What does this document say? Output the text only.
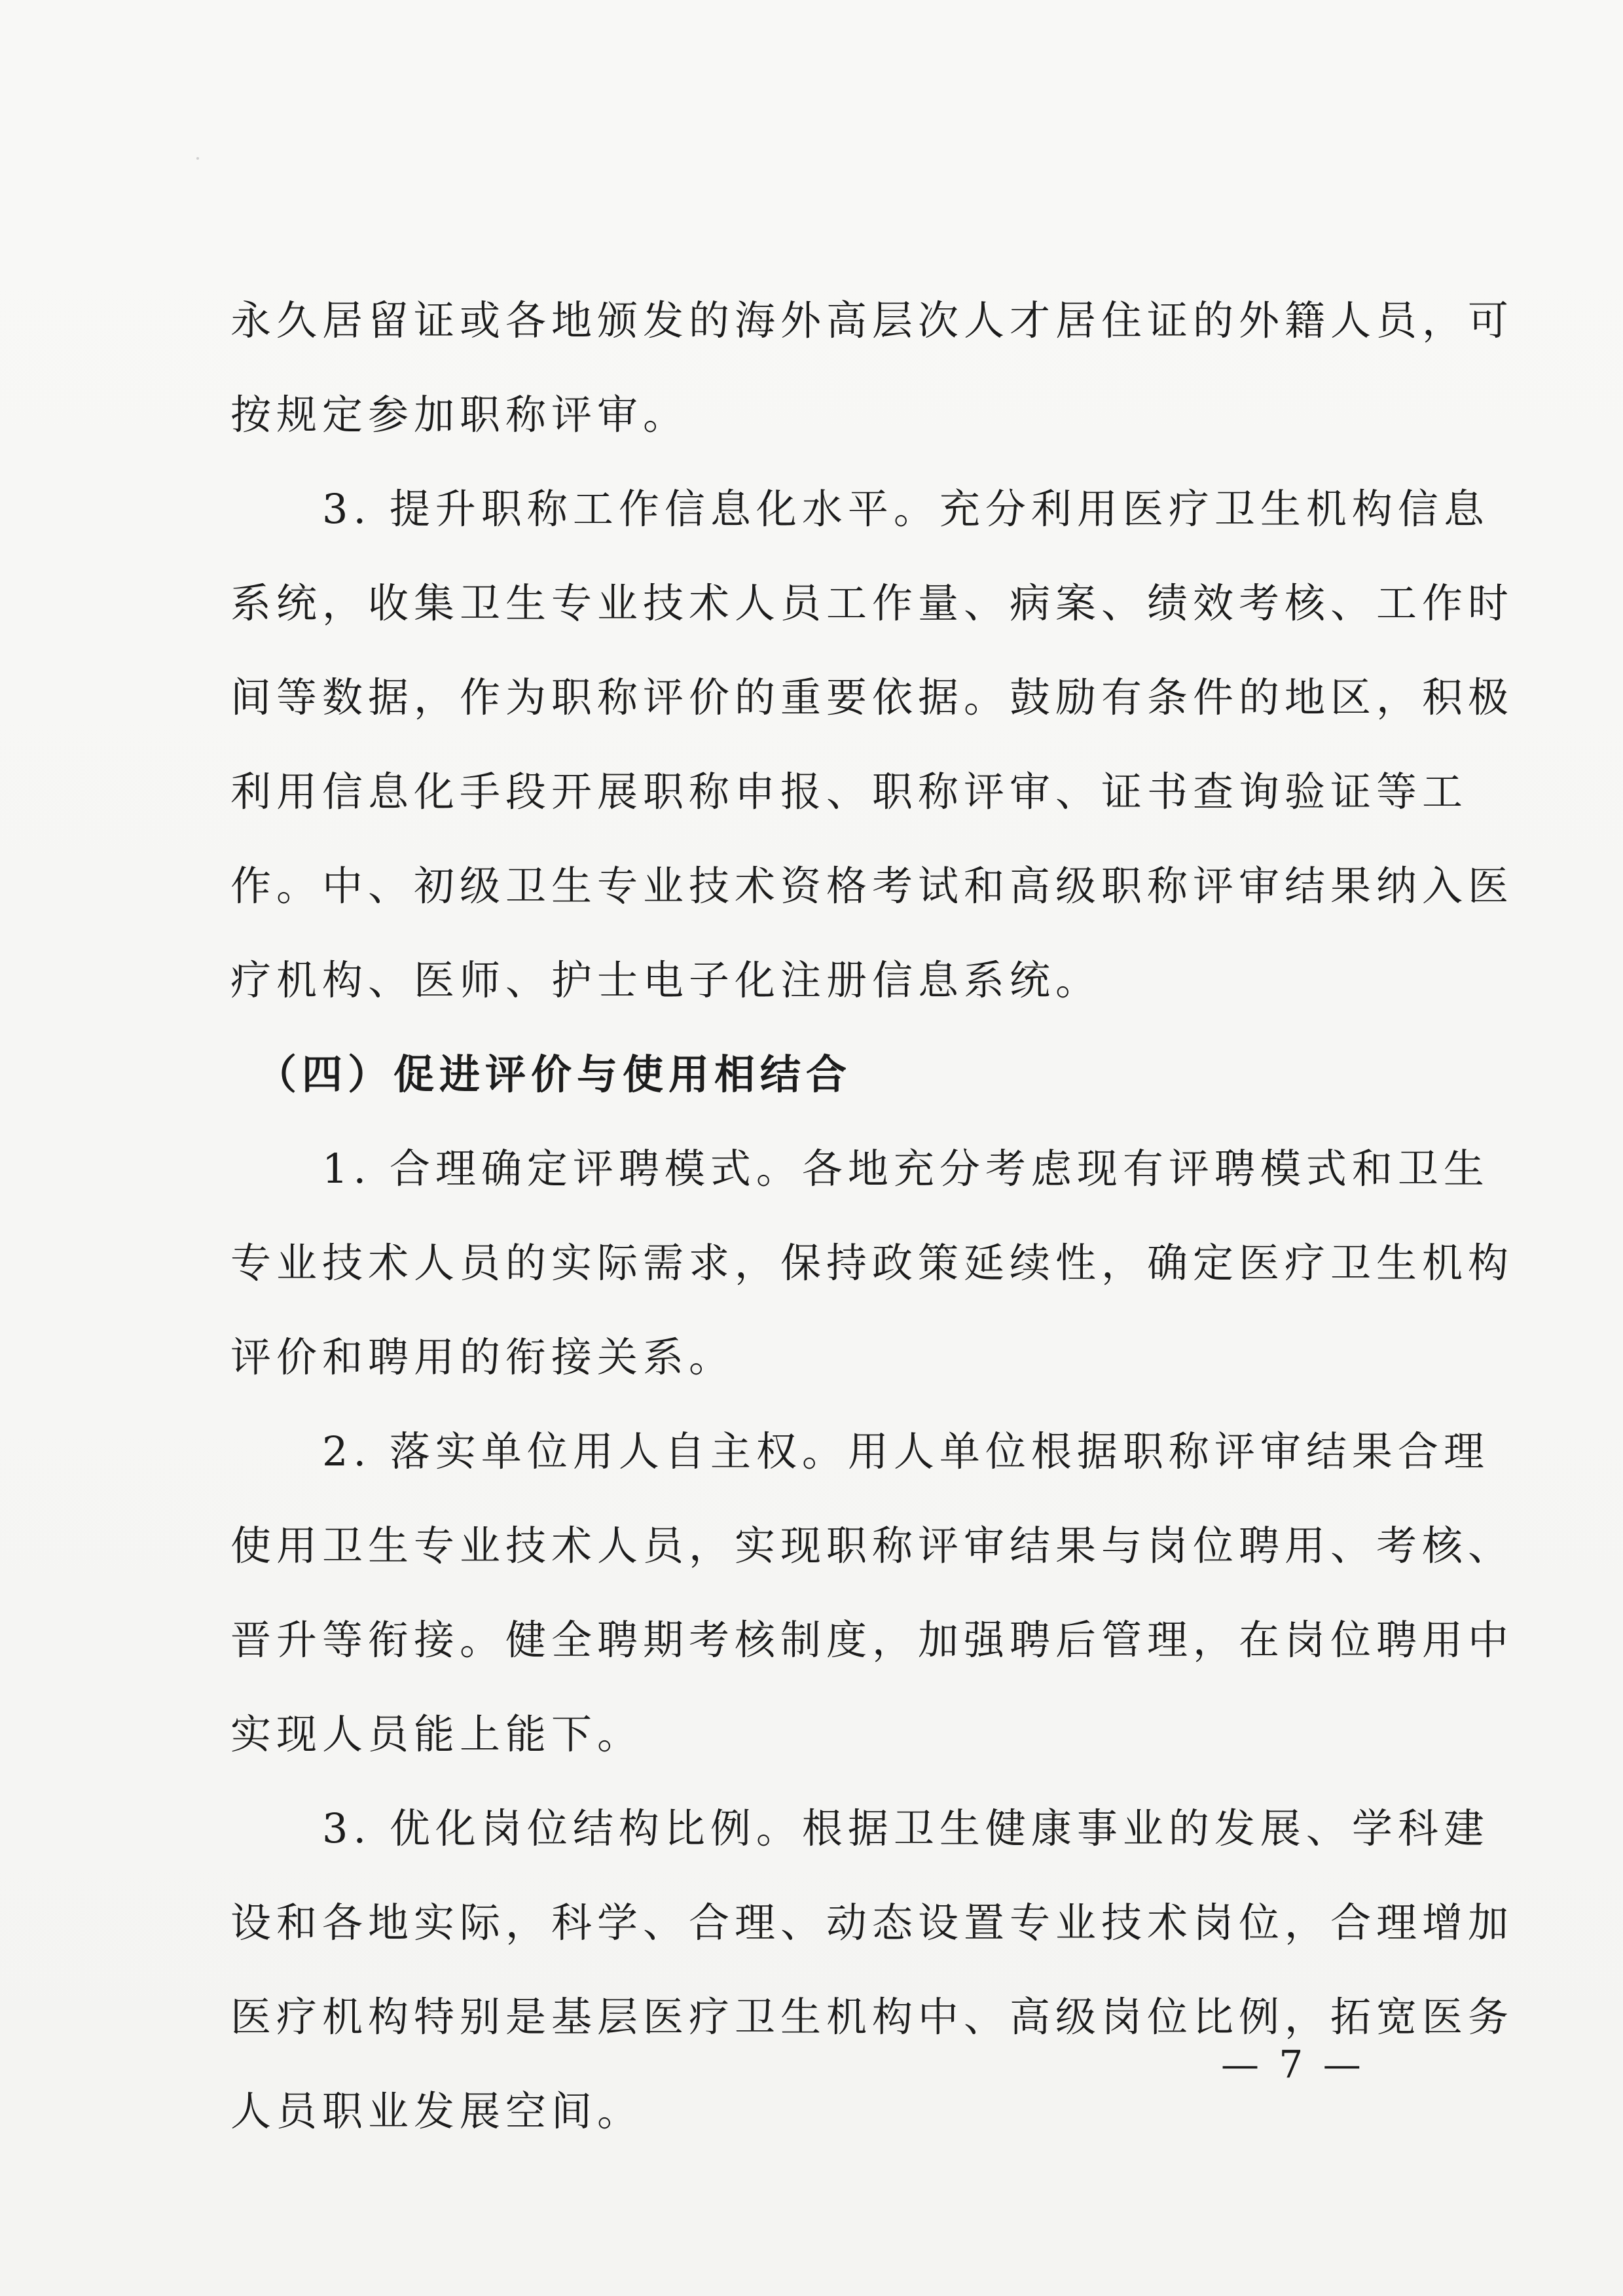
永久居留证或各地颁发的海外高层次人才居住证的外籍人员，可
按规定参加职称评审。
　　3. 提升职称工作信息化水平。充分利用医疗卫生机构信息
系统，收集卫生专业技术人员工作量、病案、绩效考核、工作时
间等数据，作为职称评价的重要依据。鼓励有条件的地区，积极
利用信息化手段开展职称申报、职称评审、证书查询验证等工
作。中、初级卫生专业技术资格考试和高级职称评审结果纳入医
疗机构、医师、护士电子化注册信息系统。
　（四）促进评价与使用相结合
　　1. 合理确定评聘模式。各地充分考虑现有评聘模式和卫生
专业技术人员的实际需求，保持政策延续性，确定医疗卫生机构
评价和聘用的衔接关系。
　　2. 落实单位用人自主权。用人单位根据职称评审结果合理
使用卫生专业技术人员，实现职称评审结果与岗位聘用、考核、
晋升等衔接。健全聘期考核制度，加强聘后管理，在岗位聘用中
实现人员能上能下。
　　3. 优化岗位结构比例。根据卫生健康事业的发展、学科建
设和各地实际，科学、合理、动态设置专业技术岗位，合理增加
医疗机构特别是基层医疗卫生机构中、高级岗位比例，拓宽医务
人员职业发展空间。
— 7 —
